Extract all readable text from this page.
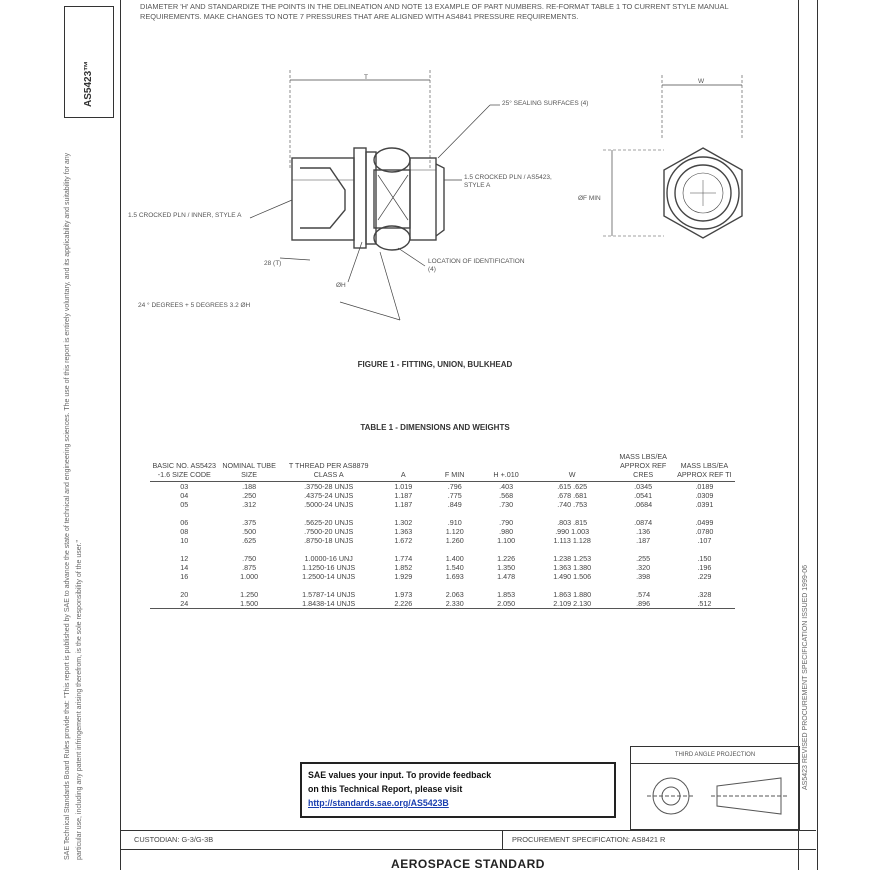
AS5423™
SAE Technical Standards Board Rules provide that: "This report is published by SAE to advance the state of technical and engineering sciences. The use of this report is entirely voluntary, and its applicability and suitability for any particular use, including any patent infringement arising therefrom, is the sole responsibility of the user."	AS5423 REVISED PROCUREMENT SPECIFICATION ISSUED 1999-06
DIAMETER 'H' AND STANDARDIZE THE POINTS IN THE DELINEATION AND NOTE 13 EXAMPLE OF PART NUMBERS. RE-FORMAT TABLE 1 TO CURRENT STYLE MANUAL REQUIREMENTS. MAKE CHANGES TO NOTE 7 PRESSURES THAT ARE ALIGNED WITH AS4841 PRESSURE REQUIREMENTS.
T
W
25° SEALING SURFACES (4)
1.5 CROCKED PLN / AS5423, STYLE A
1.5 CROCKED PLN / INNER, STYLE A
LOCATION OF IDENTIFICATION (4)
28 (T)
ØH
ØF MIN
24 ° DEGREES + 5 DEGREES 3.2 ØH
FIGURE 1 - FITTING, UNION, BULKHEAD
TABLE 1 - DIMENSIONS AND WEIGHTS
BASIC NO. AS5423 -1.6 SIZE CODE	NOMINAL TUBE SIZE	T THREAD PER AS8879 CLASS A	A	F MIN	H +.010	W	MASS LBS/EA APPROX REF CRES	MASS LBS/EA APPROX REF TI
03	.188	.3750-28 UNJS	1.019	.796	.403	.615 .625	.0345	.0189
04	.250	.4375-24 UNJS	1.187	.775	.568	.678 .681	.0541	.0309
05	.312	.5000-24 UNJS	1.187	.849	.730	.740 .753	.0684	.0391

06	.375	.5625-20 UNJS	1.302	.910	.790	.803 .815	.0874	.0499
08	.500	.7500-20 UNJS	1.363	1.120	.980	.990 1.003	.136	.0780
10	.625	.8750-18 UNJS	1.672	1.260	1.100	1.113 1.128	.187	.107

12	.750	1.0000-16 UNJ	1.774	1.400	1.226	1.238 1.253	.255	.150
14	.875	1.1250-16 UNJS	1.852	1.540	1.350	1.363 1.380	.320	.196
16	1.000	1.2500-14 UNJS	1.929	1.693	1.478	1.490 1.506	.398	.229

20	1.250	1.5787-14 UNJS	1.973	2.063	1.853	1.863 1.880	.574	.328
24	1.500	1.8438-14 UNJS	2.226	2.330	2.050	2.109 2.130	.896	.512

THIRD ANGLE PROJECTION
SAE values your input. To provide feedback
on this Technical Report, please visit
http://standards.sae.org/AS5423B
CUSTODIAN: G-3/G-3B	PROCUREMENT SPECIFICATION: AS8421 R
AEROSPACE STANDARD
